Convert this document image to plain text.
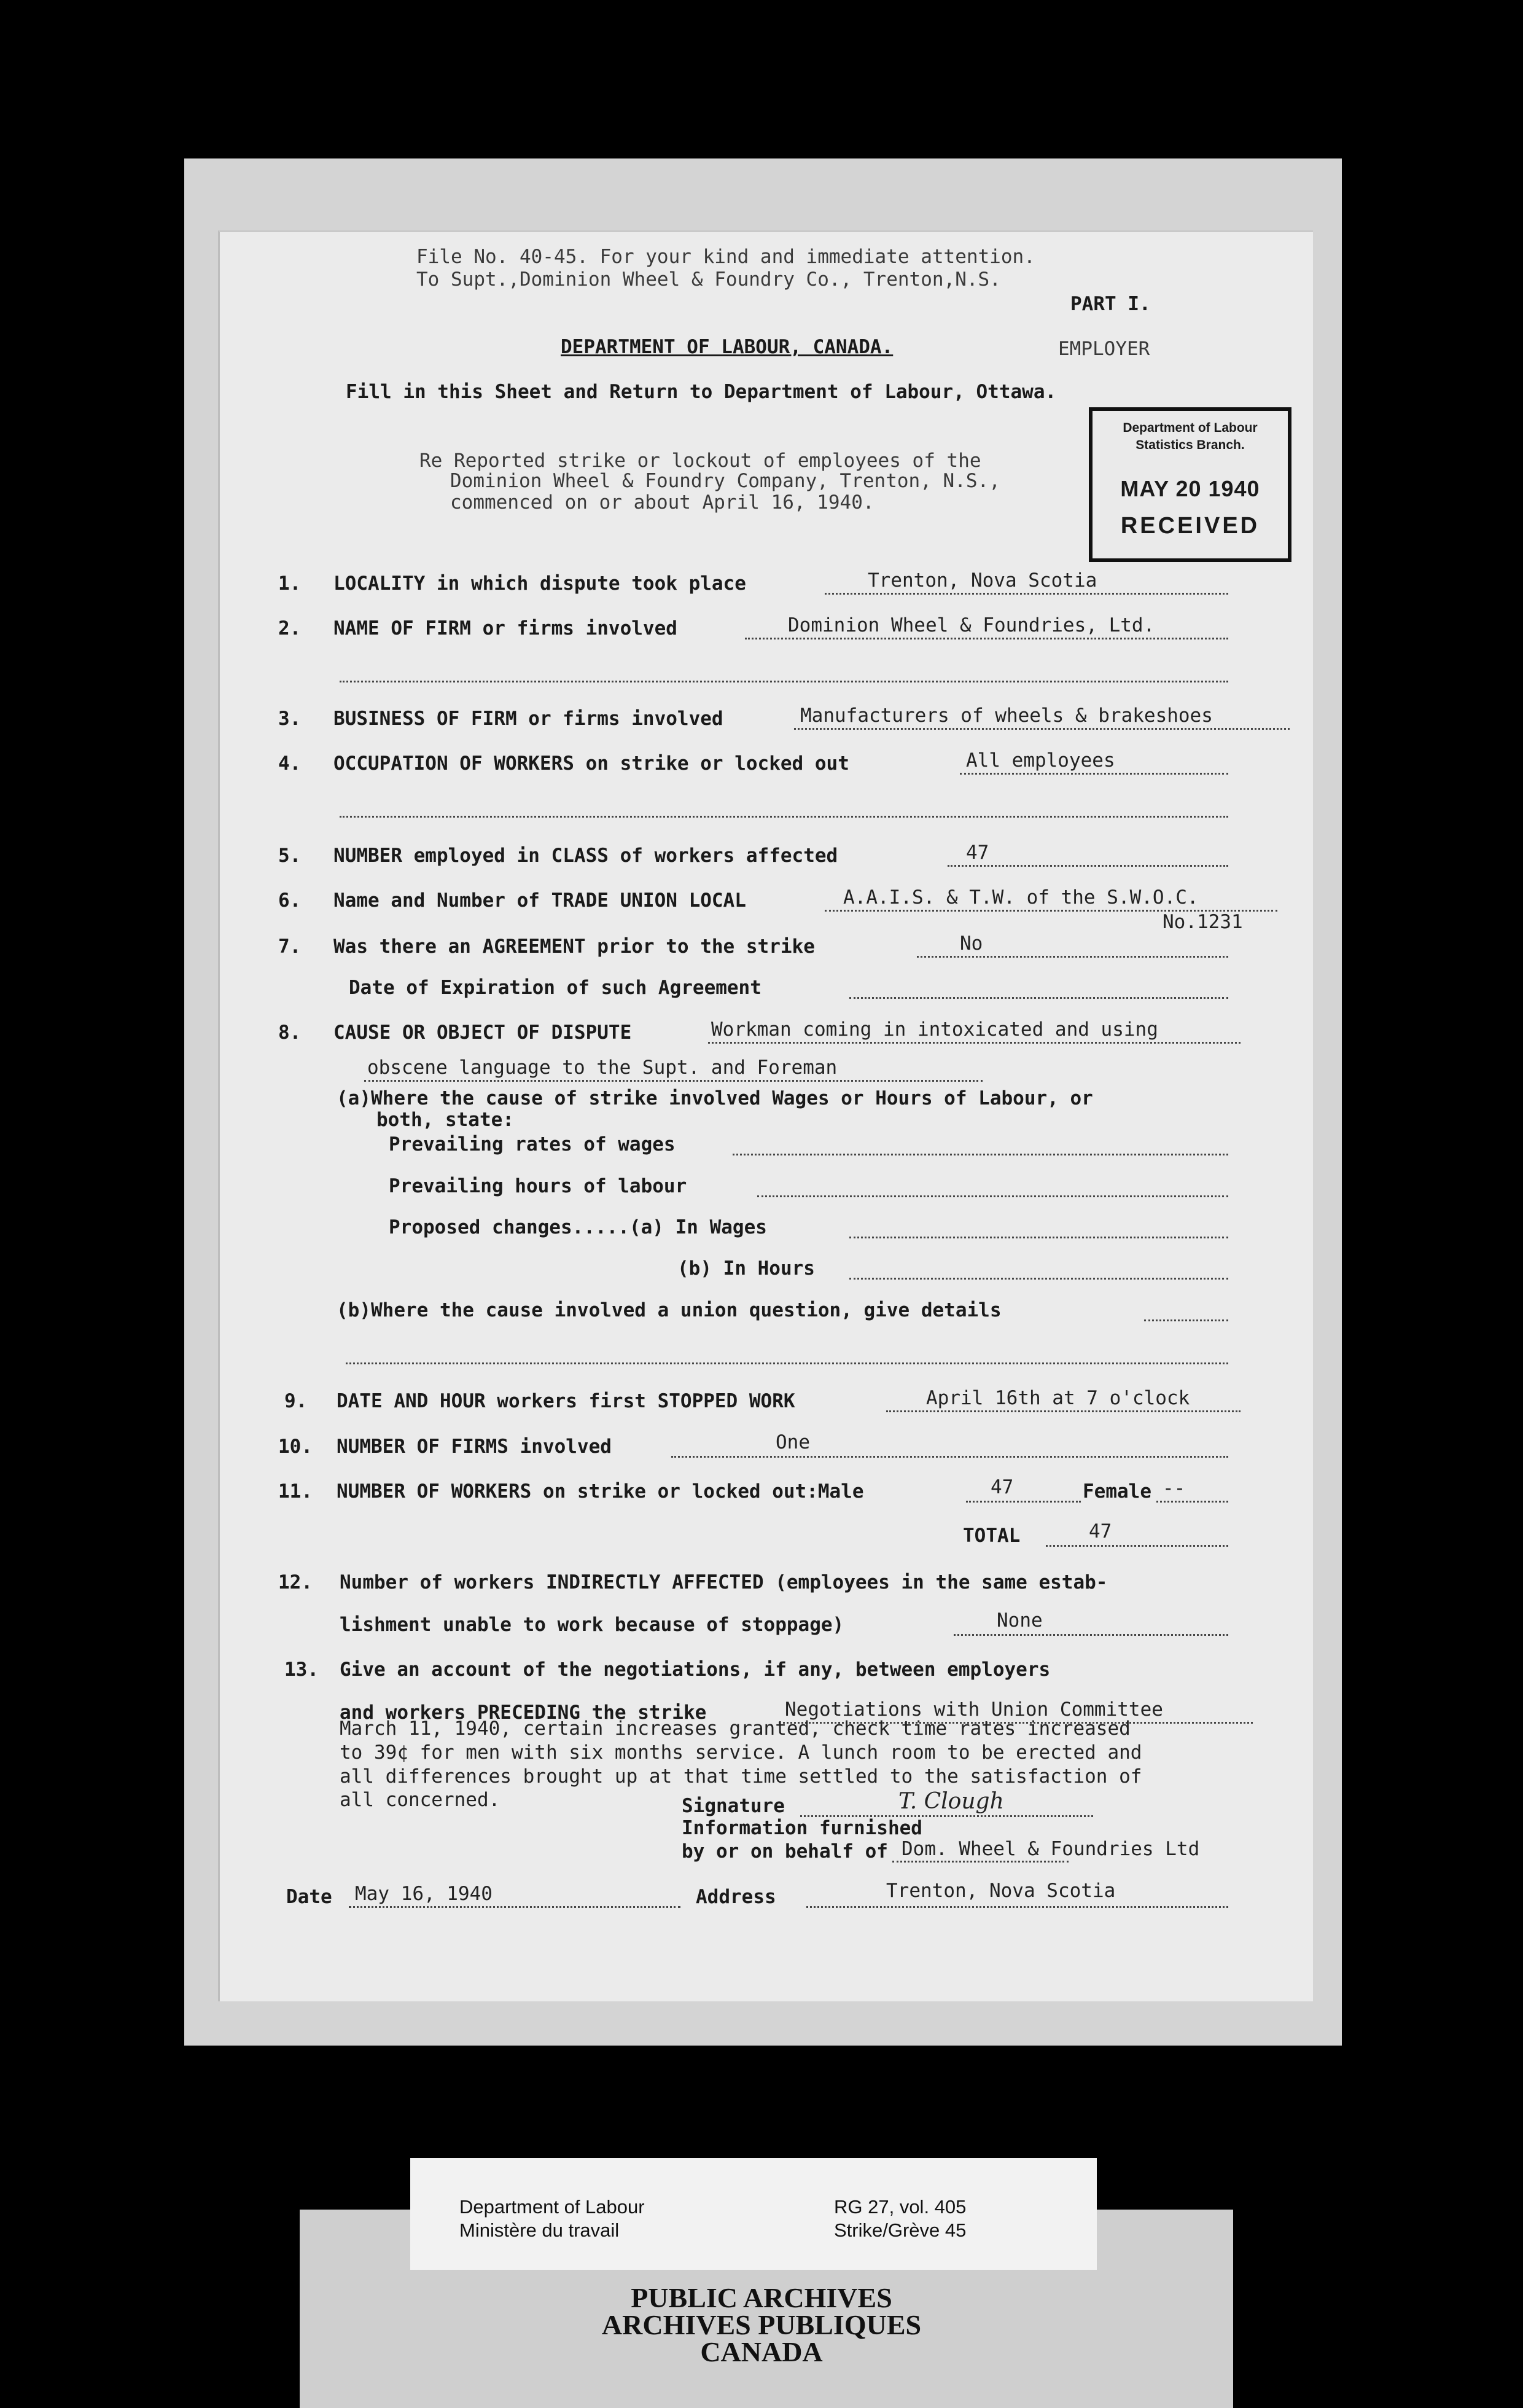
File No. 40-45. For your kind and immediate attention.
To Supt.,Dominion Wheel & Foundry Co., Trenton,N.S.
PART I.
DEPARTMENT OF LABOUR, CANADA.	EMPLOYER
Fill in this Sheet and Return to Department of Labour, Ottawa.
Re Reported strike or lockout of employees of the
Dominion Wheel & Foundry Company, Trenton, N.S.,
commenced on or about April 16, 1940.
Department of Labour
Statistics Branch.
MAY 20 1940
RECEIVED
1. LOCALITY in which dispute took place	Trenton, Nova Scotia
2. NAME OF FIRM or firms involved	Dominion Wheel & Foundries, Ltd.
3. BUSINESS OF FIRM or firms involved	Manufacturers of wheels & brakeshoes
4. OCCUPATION OF WORKERS on strike or locked out	All employees
5. NUMBER employed in CLASS of workers affected	47
6. Name and Number of TRADE UNION LOCAL	A.A.I.S. & T.W. of the S.W.O.C.
No.1231
7. Was there an AGREEMENT prior to the strike	No
Date of Expiration of such Agreement
8. CAUSE OR OBJECT OF DISPUTE	Workman coming in intoxicated and using
obscene language to the Supt. and Foreman
(a)Where the cause of strike involved Wages or Hours of Labour, or
both, state:
Prevailing rates of wages
Prevailing hours of labour
Proposed changes.....(a) In Wages
(b) In Hours
(b)Where the cause involved a union question, give details
9. DATE AND HOUR workers first STOPPED WORK	April 16th at 7 o'clock
10. NUMBER OF FIRMS involved	One
11. NUMBER OF WORKERS on strike or locked out:Male	47	Female --
TOTAL	47
12. Number of workers INDIRECTLY AFFECTED (employees in the same estab-
lishment unable to work because of stoppage)	None
13. Give an account of the negotiations, if any, between employers
and workers PRECEDING the strike	Negotiations with Union Committee
March 11, 1940, certain increases granted, check time rates increased
to 39¢ for men with six months service. A lunch room to be erected and
all differences brought up at that time settled to the satisfaction of
all concerned.	Signature	T. Clough
Information furnished
by or on behalf of Dom. Wheel & Foundries Ltd
Date May 16, 1940	Address	Trenton, Nova Scotia
Department of Labour
Ministère du travail
RG 27, vol. 405
Strike/Grève 45
PUBLIC ARCHIVES
ARCHIVES PUBLIQUES
CANADA
